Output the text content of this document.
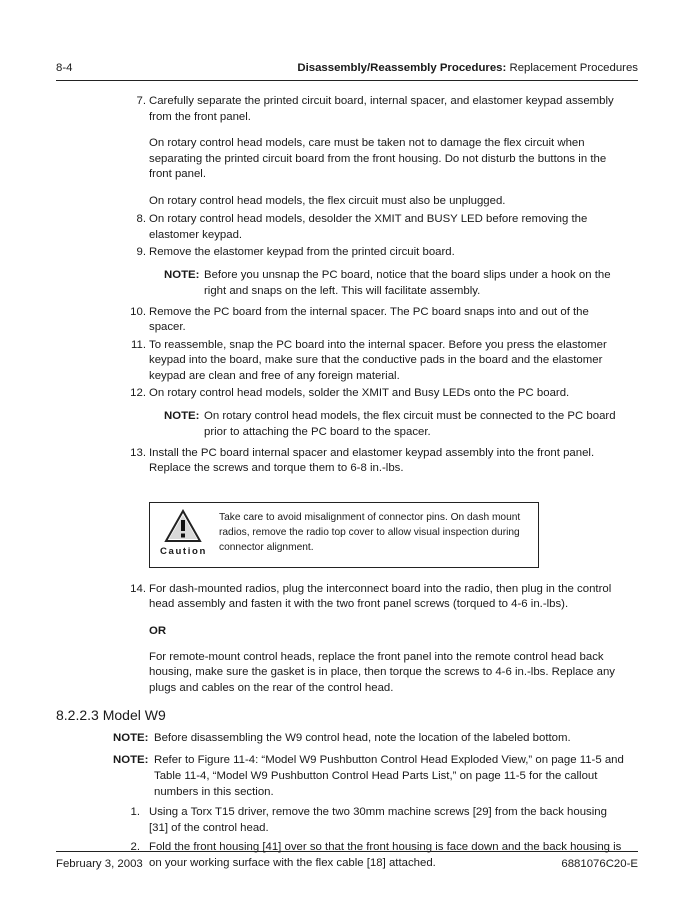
8-4	Disassembly/Reassembly Procedures: Replacement Procedures
7. Carefully separate the printed circuit board, internal spacer, and elastomer keypad assembly from the front panel.
On rotary control head models, care must be taken not to damage the flex circuit when separating the printed circuit board from the front housing. Do not disturb the buttons in the front panel.
On rotary control head models, the flex circuit must also be unplugged.
8. On rotary control head models, desolder the XMIT and BUSY LED before removing the elastomer keypad.
9. Remove the elastomer keypad from the printed circuit board.
NOTE: Before you unsnap the PC board, notice that the board slips under a hook on the right and snaps on the left. This will facilitate assembly.
10. Remove the PC board from the internal spacer. The PC board snaps into and out of the spacer.
11. To reassemble, snap the PC board into the internal spacer. Before you press the elastomer keypad into the board, make sure that the conductive pads in the board and the elastomer keypad are clean and free of any foreign material.
12. On rotary control head models, solder the XMIT and Busy LEDs onto the PC board.
NOTE: On rotary control head models, the flex circuit must be connected to the PC board prior to attaching the PC board to the spacer.
13. Install the PC board internal spacer and elastomer keypad assembly into the front panel. Replace the screws and torque them to 6-8 in.-lbs.
Caution
Take care to avoid misalignment of connector pins. On dash mount radios, remove the radio top cover to allow visual inspection during connector alignment.
14. For dash-mounted radios, plug the interconnect board into the radio, then plug in the control head assembly and fasten it with the two front panel screws (torqued to 4-6 in.-lbs).
OR
For remote-mount control heads, replace the front panel into the remote control head back housing, make sure the gasket is in place, then torque the screws to 4-6 in.-lbs. Replace any plugs and cables on the rear of the control head.
8.2.2.3 Model W9
NOTE: Before disassembling the W9 control head, note the location of the labeled bottom.
NOTE: Refer to Figure 11-4: “Model W9 Pushbutton Control Head Exploded View,” on page 11-5 and Table 11-4, “Model W9 Pushbutton Control Head Parts List,” on page 11-5 for the callout numbers in this section.
1. Using a Torx T15 driver, remove the two 30mm machine screws [29] from the back housing [31] of the control head.
2. Fold the front housing [41] over so that the front housing is face down and the back housing is on your working surface with the flex cable [18] attached.
February 3, 2003	6881076C20-E
